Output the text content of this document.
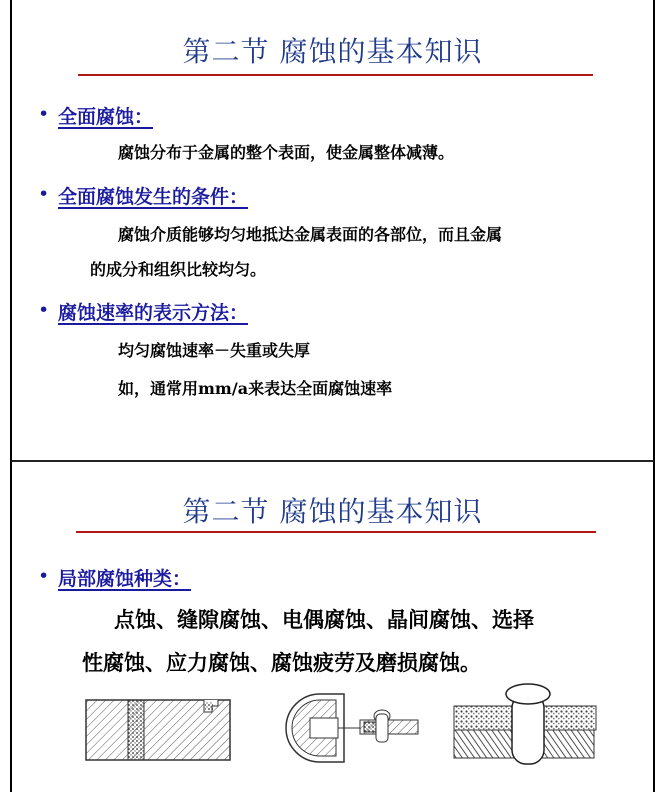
第二节 腐蚀的基本知识
• 全面腐蚀：
腐蚀分布于金属的整个表面，使金属整体减薄。
• 全面腐蚀发生的条件：
腐蚀介质能够均匀地抵达金属表面的各部位，而且金属
的成分和组织比较均匀。
• 腐蚀速率的表示方法：
均匀腐蚀速率－失重或失厚
如，通常用mm/a来表达全面腐蚀速率
第二节 腐蚀的基本知识
• 局部腐蚀种类：
点蚀、缝隙腐蚀、电偶腐蚀、晶间腐蚀、选择
性腐蚀、应力腐蚀、腐蚀疲劳及磨损腐蚀。
